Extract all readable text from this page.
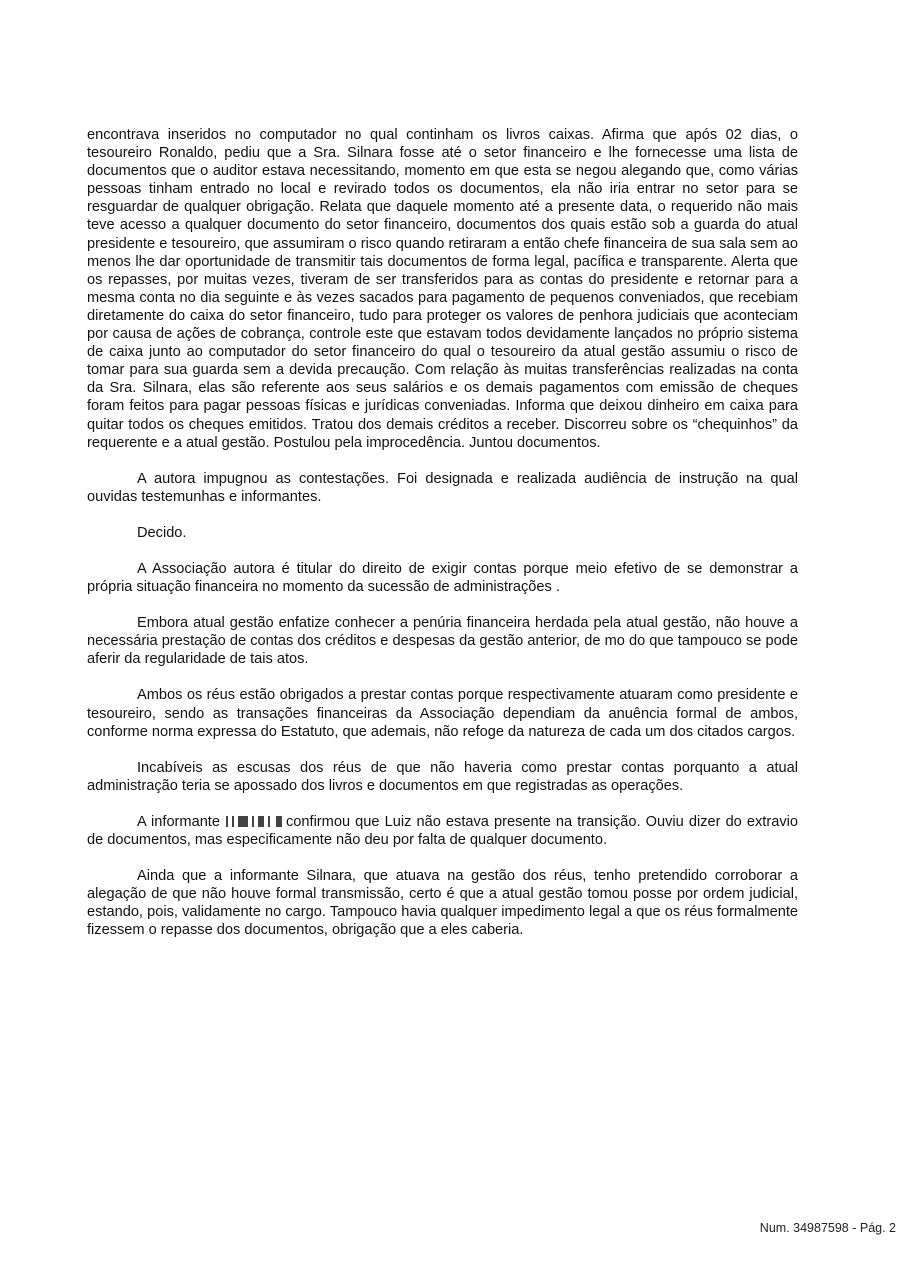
encontrava inseridos no computador no qual continham os livros caixas. Afirma que após 02 dias, o tesoureiro Ronaldo, pediu que a Sra. Silnara fosse até o setor financeiro e lhe fornecesse uma lista de documentos que o auditor estava necessitando, momento em que esta se negou alegando que, como várias pessoas tinham entrado no local e revirado todos os documentos, ela não iria entrar no setor para se resguardar de qualquer obrigação. Relata que daquele momento até a presente data, o requerido não mais teve acesso a qualquer documento do setor financeiro, documentos dos quais estão sob a guarda do atual presidente e tesoureiro, que assumiram o risco quando retiraram a então chefe financeira de sua sala sem ao menos lhe dar oportunidade de transmitir tais documentos de forma legal, pacífica e transparente. Alerta que os repasses, por muitas vezes, tiveram de ser transferidos para as contas do presidente e retornar para a mesma conta no dia seguinte e às vezes sacados para pagamento de pequenos conveniados, que recebiam diretamente do caixa do setor financeiro, tudo para proteger os valores de penhora judiciais que aconteciam por causa de ações de cobrança, controle este que estavam todos devidamente lançados no próprio sistema de caixa junto ao computador do setor financeiro do qual o tesoureiro da atual gestão assumiu o risco de tomar para sua guarda sem a devida precaução. Com relação às muitas transferências realizadas na conta da Sra. Silnara, elas são referente aos seus salários e os demais pagamentos com emissão de cheques foram feitos para pagar pessoas físicas e jurídicas conveniadas. Informa que deixou dinheiro em caixa para quitar todos os cheques emitidos. Tratou dos demais créditos a receber. Discorreu sobre os “chequinhos” da requerente e a atual gestão. Postulou pela improcedência. Juntou documentos.

A autora impugnou as contestações. Foi designada e realizada audiência de instrução na qual ouvidas testemunhas e informantes.

Decido.

A Associação autora é titular do direito de exigir contas porque meio efetivo de se demonstrar a própria situação financeira no momento da sucessão de administrações .

Embora atual gestão enfatize conhecer a penúria financeira herdada pela atual gestão, não houve a necessária prestação de contas dos créditos e despesas da gestão anterior, de mo do que tampouco se pode aferir da regularidade de tais atos.

Ambos os réus estão obrigados a prestar contas porque respectivamente atuaram como presidente e tesoureiro, sendo as transações financeiras da Associação dependiam da anuência formal de ambos, conforme norma expressa do Estatuto, que ademais, não refoge da natureza de cada um dos citados cargos.

Incabíveis as escusas dos réus de que não haveria como prestar contas porquanto a atual administração teria se apossado dos livros e documentos em que registradas as operações.

A informante	confirmou que Luiz não estava presente na transição. Ouviu dizer do extravio de documentos, mas especificamente não deu por falta de qualquer documento.

Ainda que a informante Silnara, que atuava na gestão dos réus, tenho pretendido corroborar a alegação de que não houve formal transmissão, certo é que a atual gestão tomou posse por ordem judicial, estando, pois, validamente no cargo. Tampouco havia qualquer impedimento legal a que os réus formalmente fizessem o repasse dos documentos, obrigação que a eles caberia.

Num. 34987598 - Pág. 2
